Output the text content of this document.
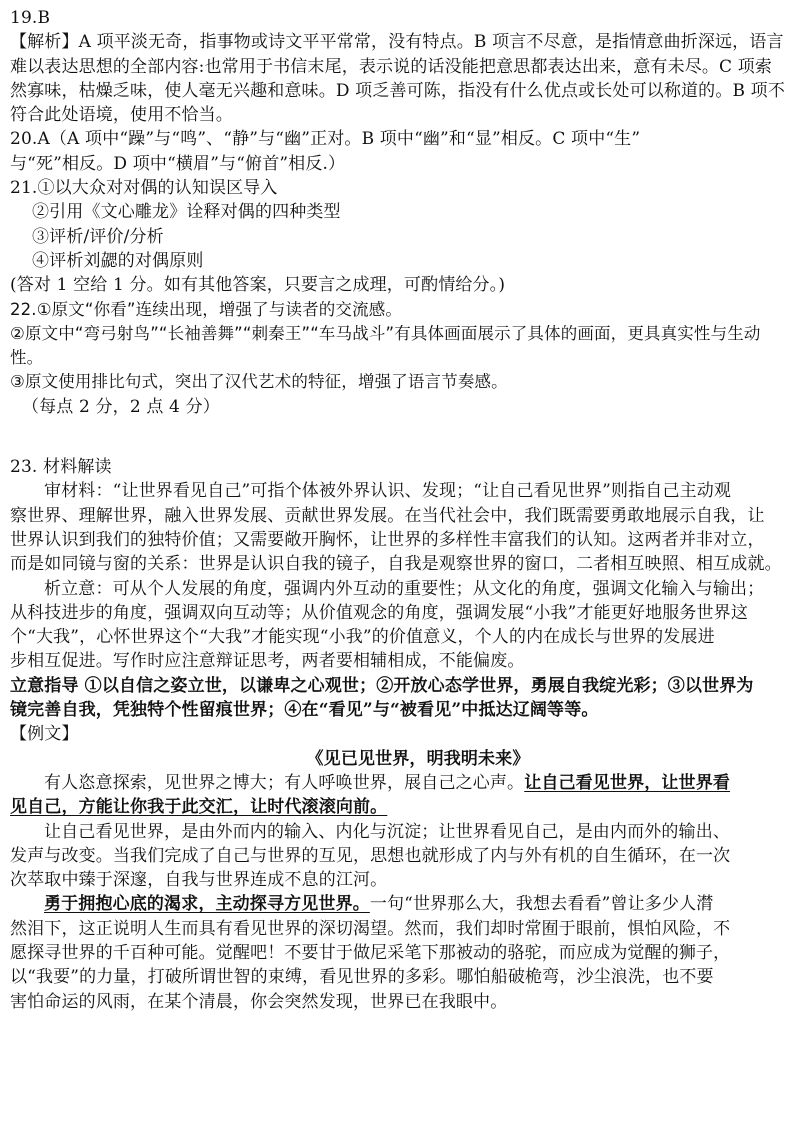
19.B
【解析】A 项平淡无奇，指事物或诗文平平常常，没有特点。B 项言不尽意，是指情意曲折深远，语言
难以表达思想的全部内容:也常用于书信末尾，表示说的话没能把意思都表达出来，意有未尽。C 项索
然寡味，枯燥乏味，使人毫无兴趣和意味。D 项乏善可陈，指没有什么优点或长处可以称道的。B 项不
符合此处语境，使用不恰当。
20.A（A 项中“躁”与“鸣”、“静”与“幽”正对。B 项中“幽”和“显”相反。C 项中“生”
与“死”相反。D 项中“横眉”与“俯首”相反.）
21.①以大众对对偶的认知误区导入
②引用《文心雕龙》诠释对偶的四种类型
③评析/评价/分析
④评析刘勰的对偶原则
(答对 1 空给 1 分。如有其他答案，只要言之成理，可酌情给分。)
22.①原文“你看”连续出现，增强了与读者的交流感。
②原文中“弯弓射鸟”“长袖善舞”“刺秦王”“车马战斗”有具体画面展示了具体的画面，更具真实性与生动
性。
③原文使用排比句式，突出了汉代艺术的特征，增强了语言节奏感。
（每点 2 分，2 点 4 分）
23. 材料解读
审材料：“让世界看见自己”可指个体被外界认识、发现；“让自己看见世界”则指自己主动观
察世界、理解世界，融入世界发展、贡献世界发展。在当代社会中，我们既需要勇敢地展示自我，让
世界认识到我们的独特价值；又需要敞开胸怀，让世界的多样性丰富我们的认知。这两者并非对立，
而是如同镜与窗的关系：世界是认识自我的镜子，自我是观察世界的窗口，二者相互映照、相互成就。
析立意：可从个人发展的角度，强调内外互动的重要性；从文化的角度，强调文化输入与输出；
从科技进步的角度，强调双向互动等；从价值观念的角度，强调发展“小我”才能更好地服务世界这
个“大我”，心怀世界这个“大我”才能实现“小我”的价值意义，个人的内在成长与世界的发展进
步相互促进。写作时应注意辩证思考，两者要相辅相成，不能偏废。
立意指导 ①以自信之姿立世，以谦卑之心观世；②开放心态学世界，勇展自我绽光彩；③以世界为
镜完善自我，凭独特个性留痕世界；④在“看见”与“被看见”中抵达辽阔等等。
【例文】
《见已见世界，明我明未来》
有人恣意探索，见世界之博大；有人呼唤世界，展自己之心声。让自己看见世界，让世界看
见自己，方能让你我于此交汇，让时代滚滚向前。
让自己看见世界，是由外而内的输入、内化与沉淀；让世界看见自己，是由内而外的输出、
发声与改变。当我们完成了自己与世界的互见，思想也就形成了内与外有机的自生循环，在一次
次萃取中臻于深邃，自我与世界连成不息的江河。
勇于拥抱心底的渴求，主动探寻方见世界。一句“世界那么大，我想去看看”曾让多少人潸
然泪下，这正说明人生而具有看见世界的深切渴望。然而，我们却时常囿于眼前，惧怕风险，不
愿探寻世界的千百种可能。觉醒吧！不要甘于做尼采笔下那被动的骆驼，而应成为觉醒的狮子，
以“我要”的力量，打破所谓世智的束缚，看见世界的多彩。哪怕船破桅弯，沙尘浪洗，也不要
害怕命运的风雨，在某个清晨，你会突然发现，世界已在我眼中。
